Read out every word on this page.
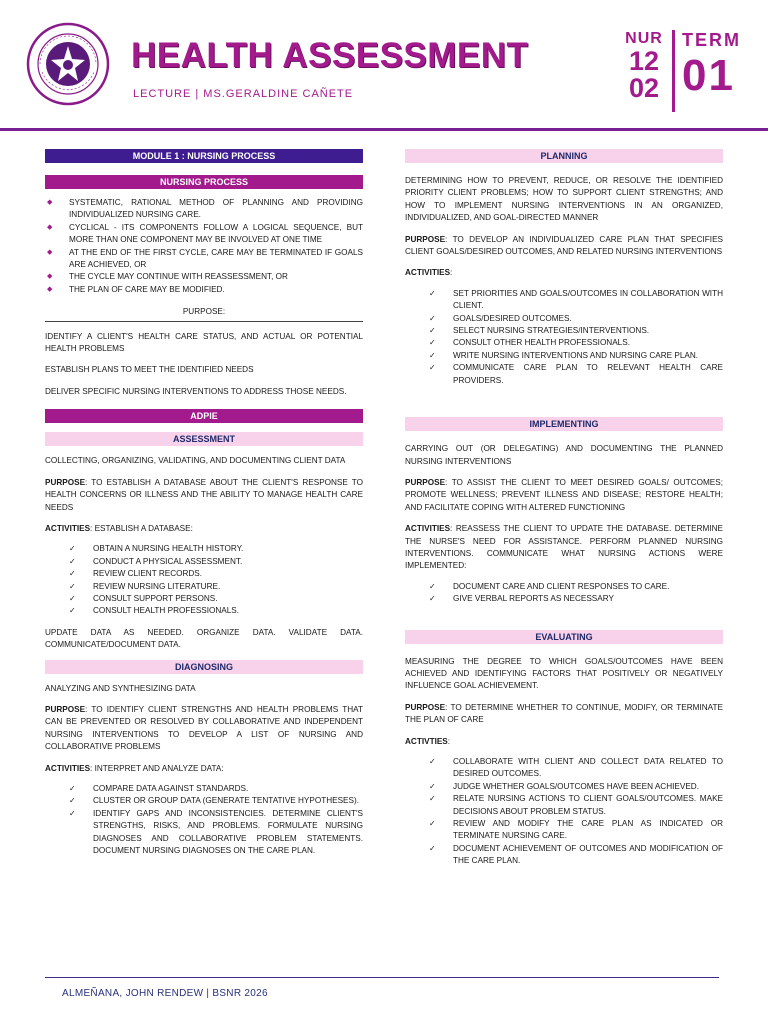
HEALTH ASSESSMENT
LECTURE | MS.GERALDINE CAÑETE
NUR
12
02
TERM
01
MODULE 1 : NURSING PROCESS
NURSING PROCESS
◆ SYSTEMATIC, RATIONAL METHOD OF PLANNING AND PROVIDING INDIVIDUALIZED NURSING CARE.
◆ CYCLICAL - ITS COMPONENTS FOLLOW A LOGICAL SEQUENCE, BUT MORE THAN ONE COMPONENT MAY BE INVOLVED AT ONE TIME
◆ AT THE END OF THE FIRST CYCLE, CARE MAY BE TERMINATED IF GOALS ARE ACHIEVED, OR
◆ THE CYCLE MAY CONTINUE WITH REASSESSMENT, OR
◆ THE PLAN OF CARE MAY BE MODIFIED.
PURPOSE:
IDENTIFY A CLIENT'S HEALTH CARE STATUS, AND ACTUAL OR POTENTIAL HEALTH PROBLEMS
ESTABLISH PLANS TO MEET THE IDENTIFIED NEEDS
DELIVER SPECIFIC NURSING INTERVENTIONS TO ADDRESS THOSE NEEDS.
ADPIE
ASSESSMENT
COLLECTING, ORGANIZING, VALIDATING, AND DOCUMENTING CLIENT DATA
PURPOSE: TO ESTABLISH A DATABASE ABOUT THE CLIENT'S RESPONSE TO HEALTH CONCERNS OR ILLNESS AND THE ABILITY TO MANAGE HEALTH CARE NEEDS
ACTIVITIES: ESTABLISH A DATABASE:
✓ OBTAIN A NURSING HEALTH HISTORY.
✓ CONDUCT A PHYSICAL ASSESSMENT.
✓ REVIEW CLIENT RECORDS.
✓ REVIEW NURSING LITERATURE.
✓ CONSULT SUPPORT PERSONS.
✓ CONSULT HEALTH PROFESSIONALS.
UPDATE DATA AS NEEDED. ORGANIZE DATA. VALIDATE DATA. COMMUNICATE/DOCUMENT DATA.
DIAGNOSING
ANALYZING AND SYNTHESIZING DATA
PURPOSE: TO IDENTIFY CLIENT STRENGTHS AND HEALTH PROBLEMS THAT CAN BE PREVENTED OR RESOLVED BY COLLABORATIVE AND INDEPENDENT NURSING INTERVENTIONS TO DEVELOP A LIST OF NURSING AND COLLABORATIVE PROBLEMS
ACTIVITIES: INTERPRET AND ANALYZE DATA:
✓ COMPARE DATA AGAINST STANDARDS.
✓ CLUSTER OR GROUP DATA (GENERATE TENTATIVE HYPOTHESES).
✓ IDENTIFY GAPS AND INCONSISTENCIES. DETERMINE CLIENT'S STRENGTHS, RISKS, AND PROBLEMS. FORMULATE NURSING DIAGNOSES AND COLLABORATIVE PROBLEM STATEMENTS. DOCUMENT NURSING DIAGNOSES ON THE CARE PLAN.
PLANNING
DETERMINING HOW TO PREVENT, REDUCE, OR RESOLVE THE IDENTIFIED PRIORITY CLIENT PROBLEMS; HOW TO SUPPORT CLIENT STRENGTHS; AND HOW TO IMPLEMENT NURSING INTERVENTIONS IN AN ORGANIZED, INDIVIDUALIZED, AND GOAL-DIRECTED MANNER
PURPOSE: TO DEVELOP AN INDIVIDUALIZED CARE PLAN THAT SPECIFIES CLIENT GOALS/DESIRED OUTCOMES, AND RELATED NURSING INTERVENTIONS
ACTIVITIES:
✓ SET PRIORITIES AND GOALS/OUTCOMES IN COLLABORATION WITH CLIENT.
✓ GOALS/DESIRED OUTCOMES.
✓ SELECT NURSING STRATEGIES/INTERVENTIONS.
✓ CONSULT OTHER HEALTH PROFESSIONALS.
✓ WRITE NURSING INTERVENTIONS AND NURSING CARE PLAN.
✓ COMMUNICATE CARE PLAN TO RELEVANT HEALTH CARE PROVIDERS.
IMPLEMENTING
CARRYING OUT (OR DELEGATING) AND DOCUMENTING THE PLANNED NURSING INTERVENTIONS
PURPOSE: TO ASSIST THE CLIENT TO MEET DESIRED GOALS/ OUTCOMES; PROMOTE WELLNESS; PREVENT ILLNESS AND DISEASE; RESTORE HEALTH; AND FACILITATE COPING WITH ALTERED FUNCTIONING
ACTIVITIES: REASSESS THE CLIENT TO UPDATE THE DATABASE. DETERMINE THE NURSE'S NEED FOR ASSISTANCE. PERFORM PLANNED NURSING INTERVENTIONS. COMMUNICATE WHAT NURSING ACTIONS WERE IMPLEMENTED:
✓ DOCUMENT CARE AND CLIENT RESPONSES TO CARE.
✓ GIVE VERBAL REPORTS AS NECESSARY
EVALUATING
MEASURING THE DEGREE TO WHICH GOALS/OUTCOMES HAVE BEEN ACHIEVED AND IDENTIFYING FACTORS THAT POSITIVELY OR NEGATIVELY INFLUENCE GOAL ACHIEVEMENT.
PURPOSE: TO DETERMINE WHETHER TO CONTINUE, MODIFY, OR TERMINATE THE PLAN OF CARE
ACTIVTIES:
✓ COLLABORATE WITH CLIENT AND COLLECT DATA RELATED TO DESIRED OUTCOMES.
✓ JUDGE WHETHER GOALS/OUTCOMES HAVE BEEN ACHIEVED.
✓ RELATE NURSING ACTIONS TO CLIENT GOALS/OUTCOMES. MAKE DECISIONS ABOUT PROBLEM STATUS.
✓ REVIEW AND MODIFY THE CARE PLAN AS INDICATED OR TERMINATE NURSING CARE.
✓ DOCUMENT ACHIEVEMENT OF OUTCOMES AND MODIFICATION OF THE CARE PLAN.
ALMEÑANA, JOHN RENDEW | BSNR 2026
